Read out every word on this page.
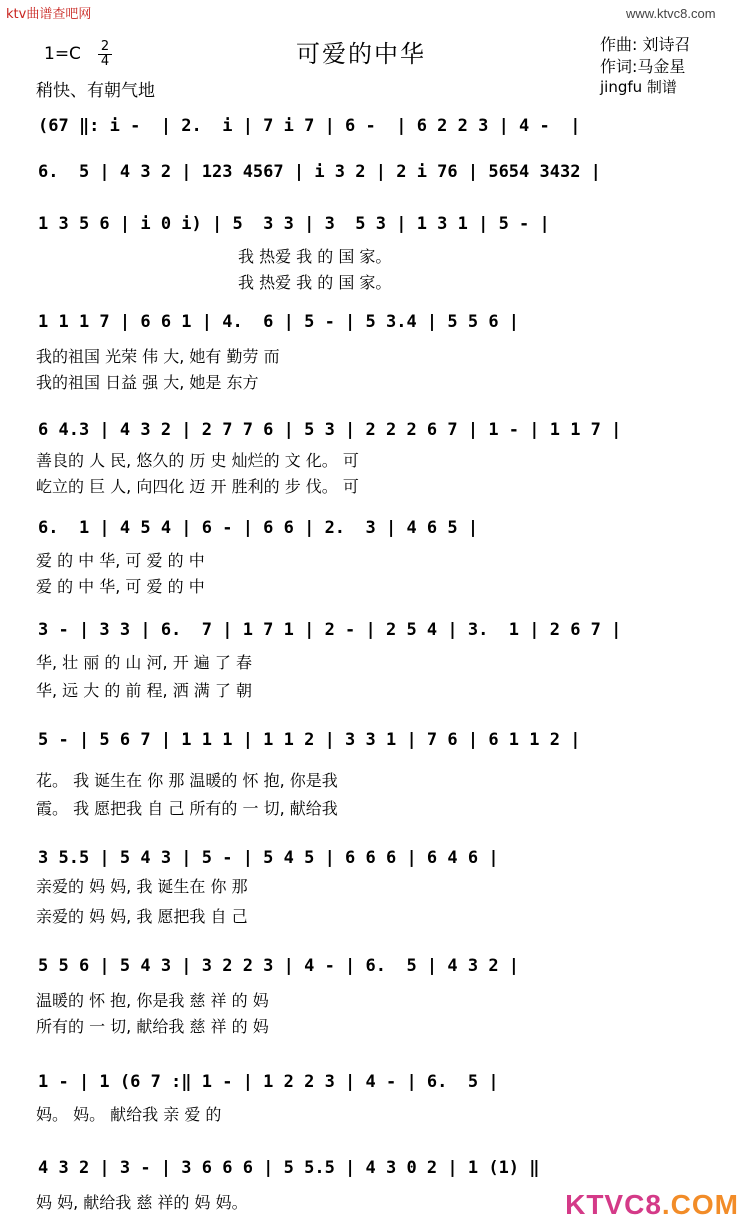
ktv曲谱查吧网	www.ktvc8.com
1=C 2
4	可爱的中华	作曲: 刘诗召
作词:马金星
jingfu 制谱
稍快、有朝气地
(67 ‖: i -  | 2.  i | 7 i 7 | 6 -  | 6 2 2 3 | 4 -  |
6.  5 | 4 3 2 | 123 4567 | i 3 2 | 2 i 76 | 5654 3432 |
1 3 5 6 | i 0 i) | 5  3 3 | 3  5 3 | 1 3 1 | 5 - |
我 热爱 我 的 国 家。
我 热爱 我 的 国 家。
1 1 1 7 | 6 6 1 | 4.  6 | 5 - | 5 3.4 | 5 5 6 |
我的祖国 光荣 伟 大, 她有 勤劳 而
我的祖国 日益 强 大, 她是 东方
6 4.3 | 4 3 2 | 2 7 7 6 | 5 3 | 2 2 2 6 7 | 1 - | 1 1 7 |
善良的 人 民, 悠久的 历 史 灿烂的 文 化。 可
屹立的 巨 人, 向四化 迈 开 胜利的 步 伐。 可
6.  1 | 4 5 4 | 6 - | 6 6 | 2.  3 | 4 6 5 |
爱 的 中 华, 可 爱 的 中
爱 的 中 华, 可 爱 的 中
3 - | 3 3 | 6.  7 | 1 7 1 | 2 - | 2 5 4 | 3.  1 | 2 6 7 |
华, 壮 丽 的 山 河, 开 遍 了 春
华, 远 大 的 前 程, 洒 满 了 朝
5 - | 5 6 7 | 1 1 1 | 1 1 2 | 3 3 1 | 7 6 | 6 1 1 2 |
花。 我 诞生在 你 那 温暖的 怀 抱, 你是我
霞。 我 愿把我 自 己 所有的 一 切, 献给我
3 5.5 | 5 4 3 | 5 - | 5 4 5 | 6 6 6 | 6 4 6 |
亲爱的 妈 妈, 我 诞生在 你 那
亲爱的 妈 妈, 我 愿把我 自 己
5 5 6 | 5 4 3 | 3 2 2 3 | 4 - | 6.  5 | 4 3 2 |
温暖的 怀 抱, 你是我 慈 祥 的 妈
所有的 一 切, 献给我 慈 祥 的 妈
1 - | 1 (6 7 :‖ 1 - | 1 2 2 3 | 4 - | 6.  5 |
妈。 妈。 献给我 亲 爱 的
4 3 2 | 3 - | 3 6 6 6 | 5 5.5 | 4 3 0 2 | 1 (1) ‖
妈 妈, 献给我 慈 祥的 妈 妈。	KTVC8.COM
